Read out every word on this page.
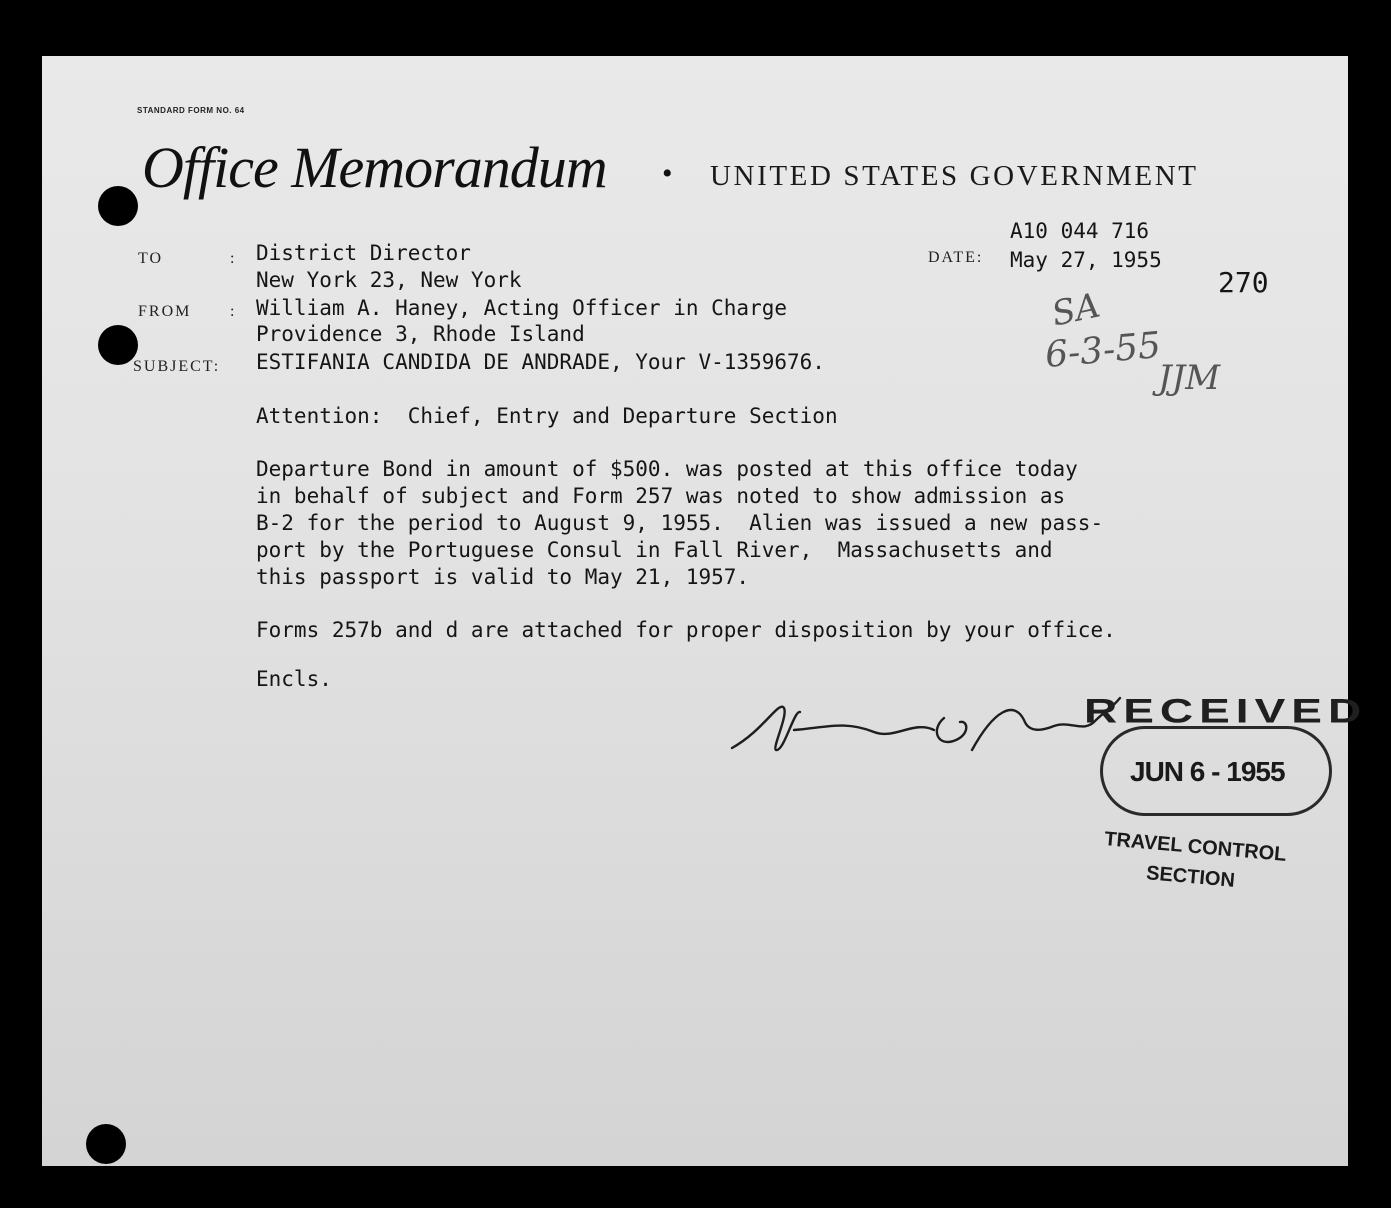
STANDARD FORM NO. 64
Office Memorandum • UNITED STATES GOVERNMENT
A10 044 716
DATE: May 27, 1955
270
TO	: District Director
New York 23, New York
FROM : William A. Haney, Acting Officer in Charge
Providence 3, Rhode Island
SUBJECT: ESTIFANIA CANDIDA DE ANDRADE, Your V-1359676.
SA
6-3-55
JJM
Attention:  Chief, Entry and Departure Section
Departure Bond in amount of $500. was posted at this office today
in behalf of subject and Form 257 was noted to show admission as
B-2 for the period to August 9, 1955.  Alien was issued a new pass-
port by the Portuguese Consul in Fall River,  Massachusetts and
this passport is valid to May 21, 1957.
Forms 257b and d are attached for proper disposition by your office.
Encls.
RECEIVED
JUN 6 - 1955
TRAVEL CONTROL
SECTION
